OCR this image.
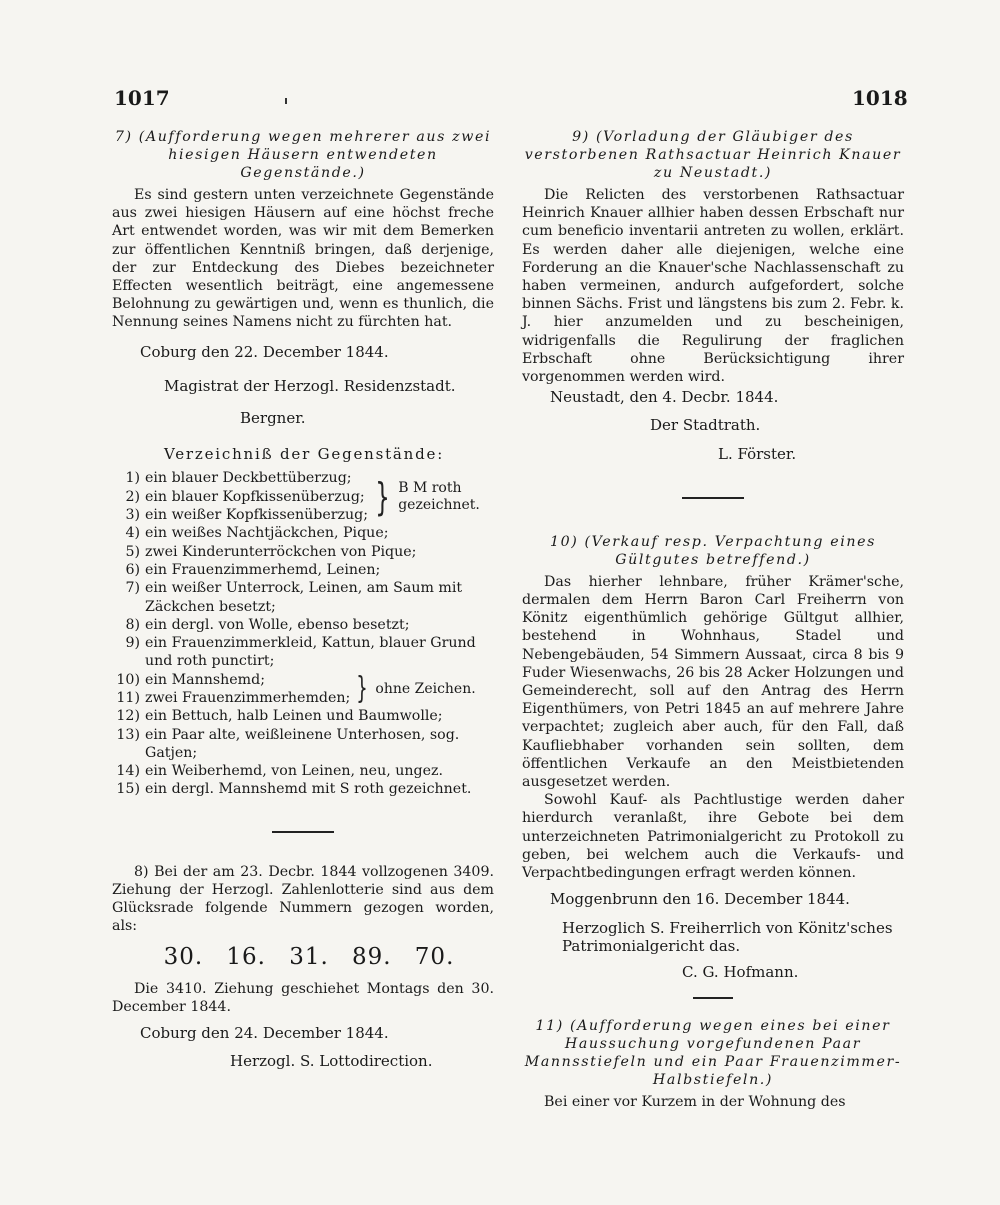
1017	1018

7) (Aufforderung wegen mehrerer aus zwei hiesigen Häusern entwendeten Gegenstände.)

Es sind gestern unten verzeichnete Gegenstände aus zwei hiesigen Häusern auf eine höchst freche Art entwendet worden, was wir mit dem Bemerken zur öffentlichen Kenntniß bringen, daß derjenige, der zur Entdeckung des Diebes bezeichneter Effecten wesentlich beiträgt, eine angemessene Belohnung zu gewärtigen und, wenn es thunlich, die Nennung seines Namens nicht zu fürchten hat.

Coburg den 22. December 1844.

Magistrat der Herzogl. Residenzstadt.

Bergner.

Verzeichniß der Gegenstände:

1) ein blauer Deckbettüberzug;
2) ein blauer Kopfkissenüberzug;
3) ein weißer Kopfkissenüberzug; } B M roth gezeichnet.
4) ein weißes Nachtjäckchen, Pique;
5) zwei Kinderunterröckchen von Pique;
6) ein Frauenzimmerhemd, Leinen;
7) ein weißer Unterrock, Leinen, am Saum mit Zäckchen besetzt;
8) ein dergl. von Wolle, ebenso besetzt;
9) ein Frauenzimmerkleid, Kattun, blauer Grund und roth punctirt;
10) ein Mannshemd;
11) zwei Frauenzimmerhemden; } ohne Zeichen.
12) ein Bettuch, halb Leinen und Baumwolle;
13) ein Paar alte, weißleinene Unterhosen, sog. Gatjen;
14) ein Weiberhemd, von Leinen, neu, ungez.
15) ein dergl. Mannshemd mit S roth gezeichnet.

8) Bei der am 23. Decbr. 1844 vollzogenen 3409. Ziehung der Herzogl. Zahlenlotterie sind aus dem Glücksrade folgende Nummern gezogen worden, als:

30. 16. 31. 89. 70.

Die 3410. Ziehung geschiehet Montags den 30. December 1844.

Coburg den 24. December 1844.

Herzogl. S. Lottodirection.

9) (Vorladung der Gläubiger des verstorbenen Rathsactuar Heinrich Knauer zu Neustadt.)

Die Relicten des verstorbenen Rathsactuar Heinrich Knauer allhier haben dessen Erbschaft nur cum beneficio inventarii antreten zu wollen, erklärt. Es werden daher alle diejenigen, welche eine Forderung an die Knauer'sche Nachlassenschaft zu haben vermeinen, andurch aufgefordert, solche binnen Sächs. Frist und längstens bis zum 2. Febr. k. J. hier anzumelden und zu bescheinigen, widrigenfalls die Regulirung der fraglichen Erbschaft ohne Berücksichtigung ihrer vorgenommen werden wird.

Neustadt, den 4. Decbr. 1844.

Der Stadtrath.

L. Förster.

10) (Verkauf resp. Verpachtung eines Gültgutes betreffend.)

Das hierher lehnbare, früher Krämer'sche, dermalen dem Herrn Baron Carl Freiherrn von Könitz eigenthümlich gehörige Gültgut allhier, bestehend in Wohnhaus, Stadel und Nebengebäuden, 54 Simmern Aussaat, circa 8 bis 9 Fuder Wiesenwachs, 26 bis 28 Acker Holzungen und Gemeinderecht, soll auf den Antrag des Herrn Eigenthümers, von Petri 1845 an auf mehrere Jahre verpachtet; zugleich aber auch, für den Fall, daß Kaufliebhaber vorhanden sein sollten, dem öffentlichen Verkaufe an den Meistbietenden ausgesetzet werden.

Sowohl Kauf- als Pachtlustige werden daher hierdurch veranlaßt, ihre Gebote bei dem unterzeichneten Patrimonialgericht zu Protokoll zu geben, bei welchem auch die Verkaufs- und Verpachtbedingungen erfragt werden können.

Moggenbrunn den 16. December 1844.

Herzoglich S. Freiherrlich von Könitz'sches Patrimonialgericht das.

C. G. Hofmann.

11) (Aufforderung wegen eines bei einer Haussuchung vorgefundenen Paar Mannsstiefeln und ein Paar Frauenzimmer-Halbstiefeln.)

Bei einer vor Kurzem in der Wohnung des
